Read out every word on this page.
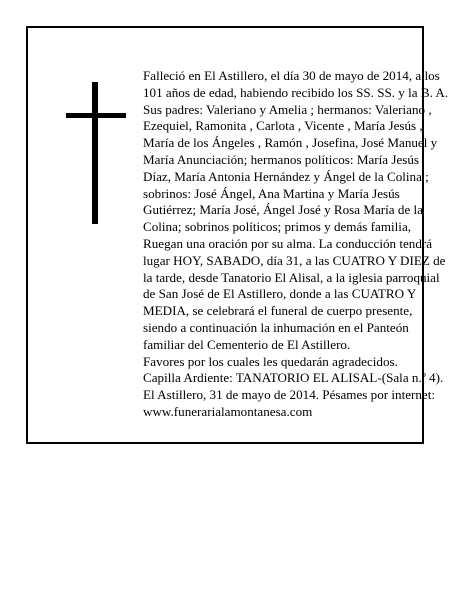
Falleció en El Astillero, el día 30 de mayo de 2014, a los 101 años de edad, habiendo recibido los SS. SS. y la B. A.

Sus padres: Valeriano y Amelia ; hermanos: Valeriano , Ezequiel, Ramonita , Carlota , Vicente , María Jesús , María de los Ángeles , Ramón , Josefina, José Manuel y María Anunciación; hermanos políticos: María Jesús Díaz, María Antonia Hernández y Ángel de la Colina ; sobrinos: José Ángel, Ana Martina y María Jesús Gutiérrez; María José, Ángel José y Rosa María de la Colina; sobrinos políticos; primos y demás familia,

Ruegan una oración por su alma. La conducción tendrá lugar HOY, SABADO, día 31, a las CUATRO Y DIEZ de la tarde, desde Tanatorio El Alisal, a la iglesia parroquial de San José de El Astillero, donde a las CUATRO Y MEDIA, se celebrará el funeral de cuerpo presente, siendo a continuación la inhumación en el Panteón familiar del Cementerio de El Astillero.

Favores por los cuales les quedarán agradecidos.

Capilla Ardiente: TANATORIO EL ALISAL-(Sala n.º 4).

El Astillero, 31 de mayo de 2014. Pésames por internet: www.funerarialamontanesa.com
